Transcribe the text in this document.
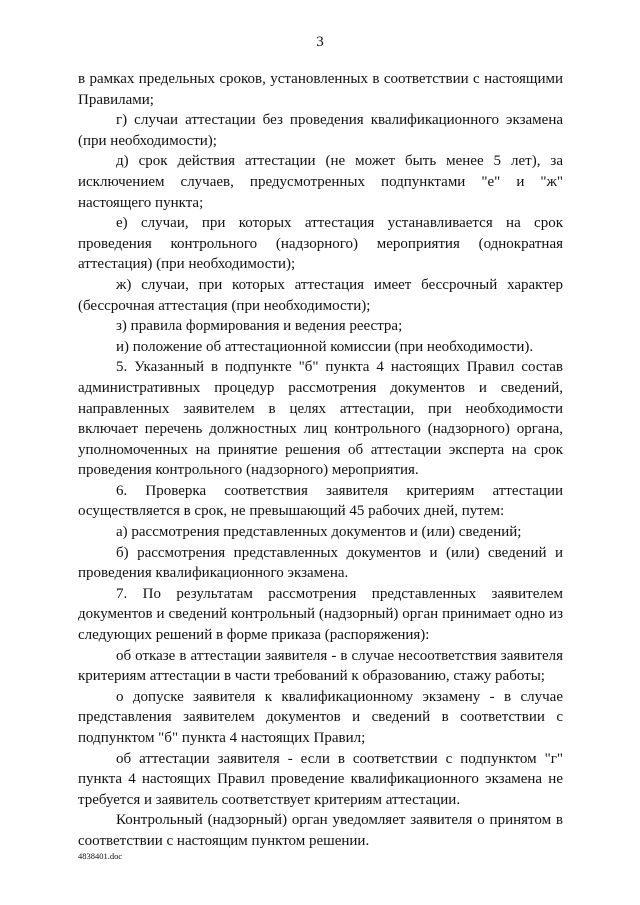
3

в рамках предельных сроков, установленных в соответствии с настоящими Правилами;

г) случаи аттестации без проведения квалификационного экзамена (при необходимости);

д) срок действия аттестации (не может быть менее 5 лет), за исключением случаев, предусмотренных подпунктами "е" и "ж" настоящего пункта;

е) случаи, при которых аттестация устанавливается на срок проведения контрольного (надзорного) мероприятия (однократная аттестация) (при необходимости);

ж) случаи, при которых аттестация имеет бессрочный характер (бессрочная аттестация (при необходимости);

з) правила формирования и ведения реестра;

и) положение об аттестационной комиссии (при необходимости).

5. Указанный в подпункте "б" пункта 4 настоящих Правил состав административных процедур рассмотрения документов и сведений, направленных заявителем в целях аттестации, при необходимости включает перечень должностных лиц контрольного (надзорного) органа, уполномоченных на принятие решения об аттестации эксперта на срок проведения контрольного (надзорного) мероприятия.

6. Проверка соответствия заявителя критериям аттестации осуществляется в срок, не превышающий 45 рабочих дней, путем:

а) рассмотрения представленных документов и (или) сведений;

б) рассмотрения представленных документов и (или) сведений и проведения квалификационного экзамена.

7. По результатам рассмотрения представленных заявителем документов и сведений контрольный (надзорный) орган принимает одно из следующих решений в форме приказа (распоряжения):

об отказе в аттестации заявителя - в случае несоответствия заявителя критериям аттестации в части требований к образованию, стажу работы;

о допуске заявителя к квалификационному экзамену - в случае представления заявителем документов и сведений в соответствии с подпунктом "б" пункта 4 настоящих Правил;

об аттестации заявителя - если в соответствии с подпунктом "г" пункта 4 настоящих Правил проведение квалификационного экзамена не требуется и заявитель соответствует критериям аттестации.

Контрольный (надзорный) орган уведомляет заявителя о принятом в соответствии с настоящим пунктом решении.

4838401.doc
